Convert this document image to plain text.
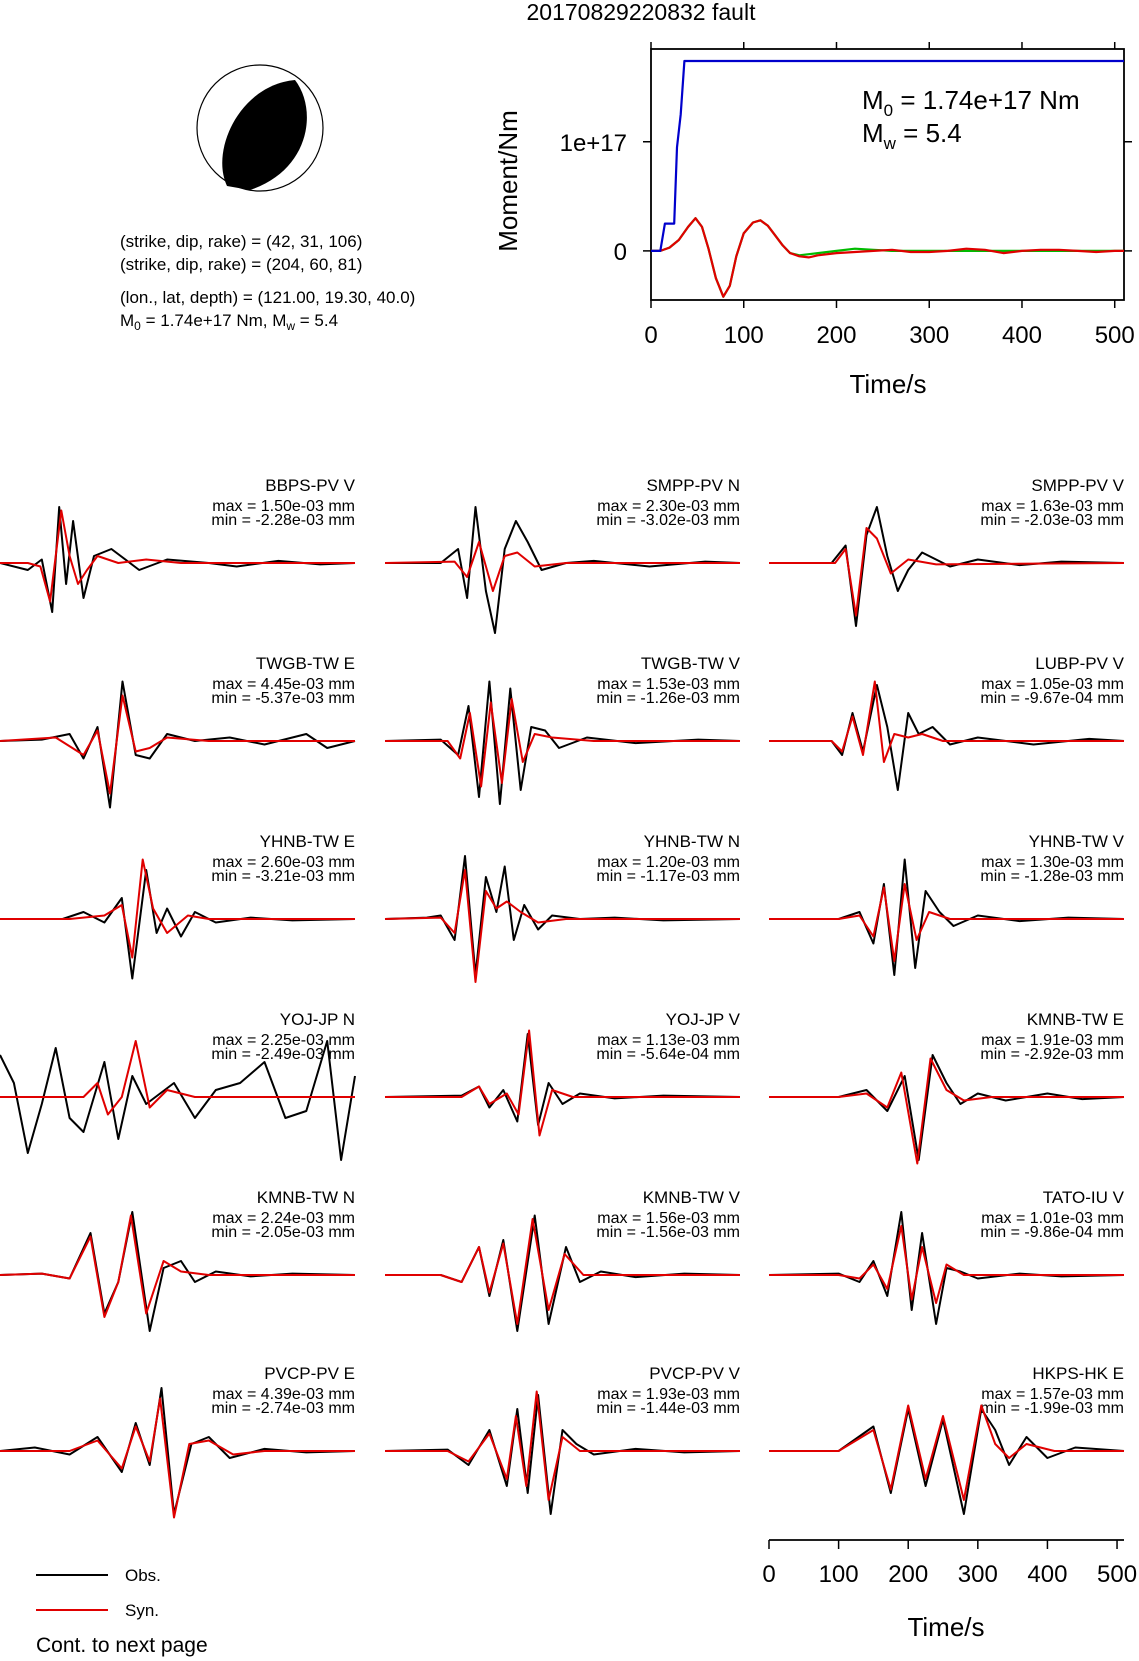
20170829220832 fault
(strike, dip, rake) = (42, 31, 106)
(strike, dip, rake) = (204, 60, 81)
(lon., lat, depth) = (121.00, 19.30, 40.0)
$M_0 = 1.74e+17$ Nm, $M_w = 5.4$
0	100 200 300 400 500
0
1e+17
Moment/Nm
Time/s
$M_0 = 1.74e+17$ Nm
$M_w = 5.4$
BBPS-PV V
max = 1.50e-03 mm
min = -2.28e-03 mm
SMPP-PV N
max = 2.30e-03 mm
min = -3.02e-03 mm
SMPP-PV V
max = 1.63e-03 mm
min = -2.03e-03 mm
TWGB-TW E
max = 4.45e-03 mm
min = -5.37e-03 mm
TWGB-TW V
max = 1.53e-03 mm
min = -1.26e-03 mm
LUBP-PV V
max = 1.05e-03 mm
min = -9.67e-04 mm
YHNB-TW E
max = 2.60e-03 mm
min = -3.21e-03 mm
YHNB-TW N
max = 1.20e-03 mm
min = -1.17e-03 mm
YHNB-TW V
max = 1.30e-03 mm
min = -1.28e-03 mm
YOJ-JP N
max = 2.25e-03 mm
min = -2.49e-03 mm
YOJ-JP V
max = 1.13e-03 mm
min = -5.64e-04 mm
KMNB-TW E
max = 1.91e-03 mm
min = -2.92e-03 mm
KMNB-TW N
max = 2.24e-03 mm
min = -2.05e-03 mm
KMNB-TW V
max = 1.56e-03 mm
min = -1.56e-03 mm
TATO-IU V
max = 1.01e-03 mm
min = -9.86e-04 mm
PVCP-PV E
max = 4.39e-03 mm
min = -2.74e-03 mm
PVCP-PV V
max = 1.93e-03 mm
min = -1.44e-03 mm
HKPS-HK E
max = 1.57e-03 mm
min = -1.99e-03 mm
Time/s
0 100 200 300 400 500
Obs.
Syn.
Cont. to next page
